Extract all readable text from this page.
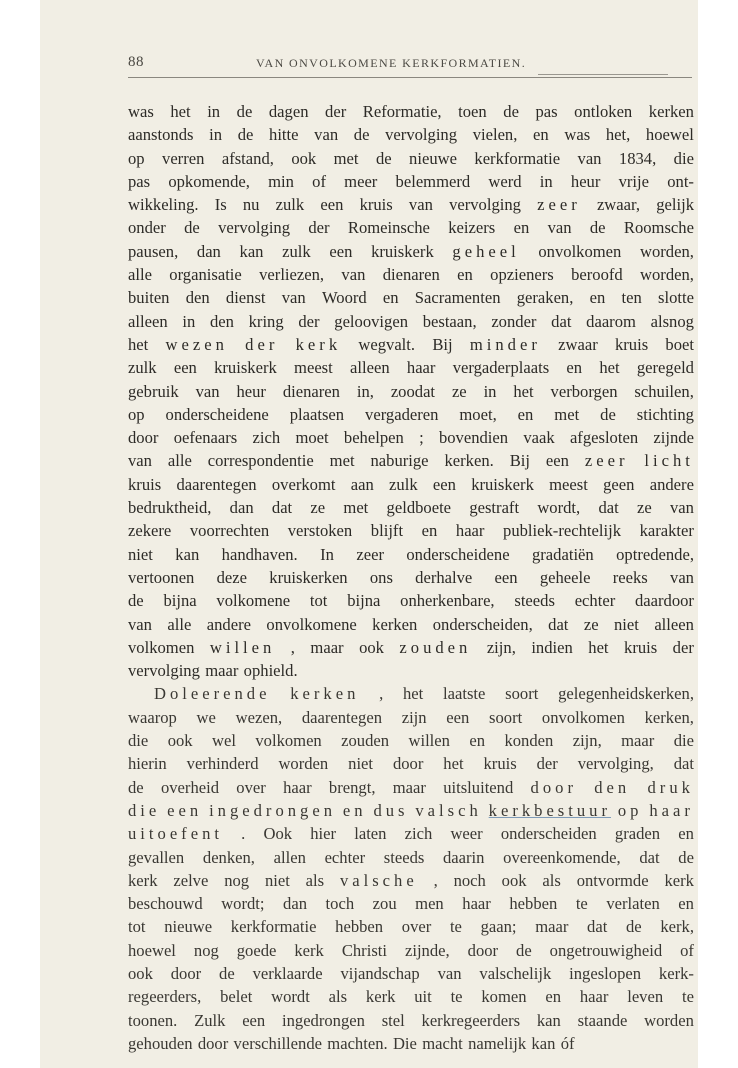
88	VAN ONVOLKOMENE KERKFORMATIEN.
was het in de dagen der Reformatie, toen de pas ontloken kerken
aanstonds in de hitte van de vervolging vielen, en was het, hoewel
op verren afstand, ook met de nieuwe kerkformatie van 1834, die
pas opkomende, min of meer belemmerd werd in heur vrije ont-
wikkeling. Is nu zulk een kruis van vervolging zeer zwaar, gelijk
onder de vervolging der Romeinsche keizers en van de Roomsche
pausen, dan kan zulk een kruiskerk geheel onvolkomen worden,
alle organisatie verliezen, van dienaren en opzieners beroofd worden,
buiten den dienst van Woord en Sacramenten geraken, en ten slotte
alleen in den kring der geloovigen bestaan, zonder dat daarom alsnog
het wezen der kerk wegvalt. Bij minder zwaar kruis boet
zulk een kruiskerk meest alleen haar vergaderplaats en het geregeld
gebruik van heur dienaren in, zoodat ze in het verborgen schuilen,
op onderscheidene plaatsen vergaderen moet, en met de stichting
door oefenaars zich moet behelpen ; bovendien vaak afgesloten zijnde
van alle correspondentie met naburige kerken. Bij een zeer licht
kruis daarentegen overkomt aan zulk een kruiskerk meest geen andere
bedruktheid, dan dat ze met geldboete gestraft wordt, dat ze van
zekere voorrechten verstoken blijft en haar publiek-rechtelijk karakter
niet kan handhaven. In zeer onderscheidene gradatiën optredende,
vertoonen deze kruiskerken ons derhalve een geheele reeks van
de bijna volkomene tot bijna onherkenbare, steeds echter daardoor
van alle andere onvolkomene kerken onderscheiden, dat ze niet alleen
volkomen willen , maar ook zouden zijn, indien het kruis der
vervolging maar ophield.
Doleerende kerken , het laatste soort gelegenheidskerken,
waarop we wezen, daarentegen zijn een soort onvolkomen kerken,
die ook wel volkomen zouden willen en konden zijn, maar die
hierin verhinderd worden niet door het kruis der vervolging, dat
de overheid over haar brengt, maar uitsluitend door den druk
die een ingedrongen en dus valsch kerkbestuur op haar
uitoefent . Ook hier laten zich weer onderscheiden graden en
gevallen denken, allen echter steeds daarin overeenkomende, dat de
kerk zelve nog niet als valsche , noch ook als ontvormde kerk
beschouwd wordt; dan toch zou men haar hebben te verlaten en
tot nieuwe kerkformatie hebben over te gaan; maar dat de kerk,
hoewel nog goede kerk Christi zijnde, door de ongetrouwigheid of
ook door de verklaarde vijandschap van valschelijk ingeslopen kerk-
regeerders, belet wordt als kerk uit te komen en haar leven te
toonen. Zulk een ingedrongen stel kerkregeerders kan staande worden
gehouden door verschillende machten. Die macht namelijk kan óf
